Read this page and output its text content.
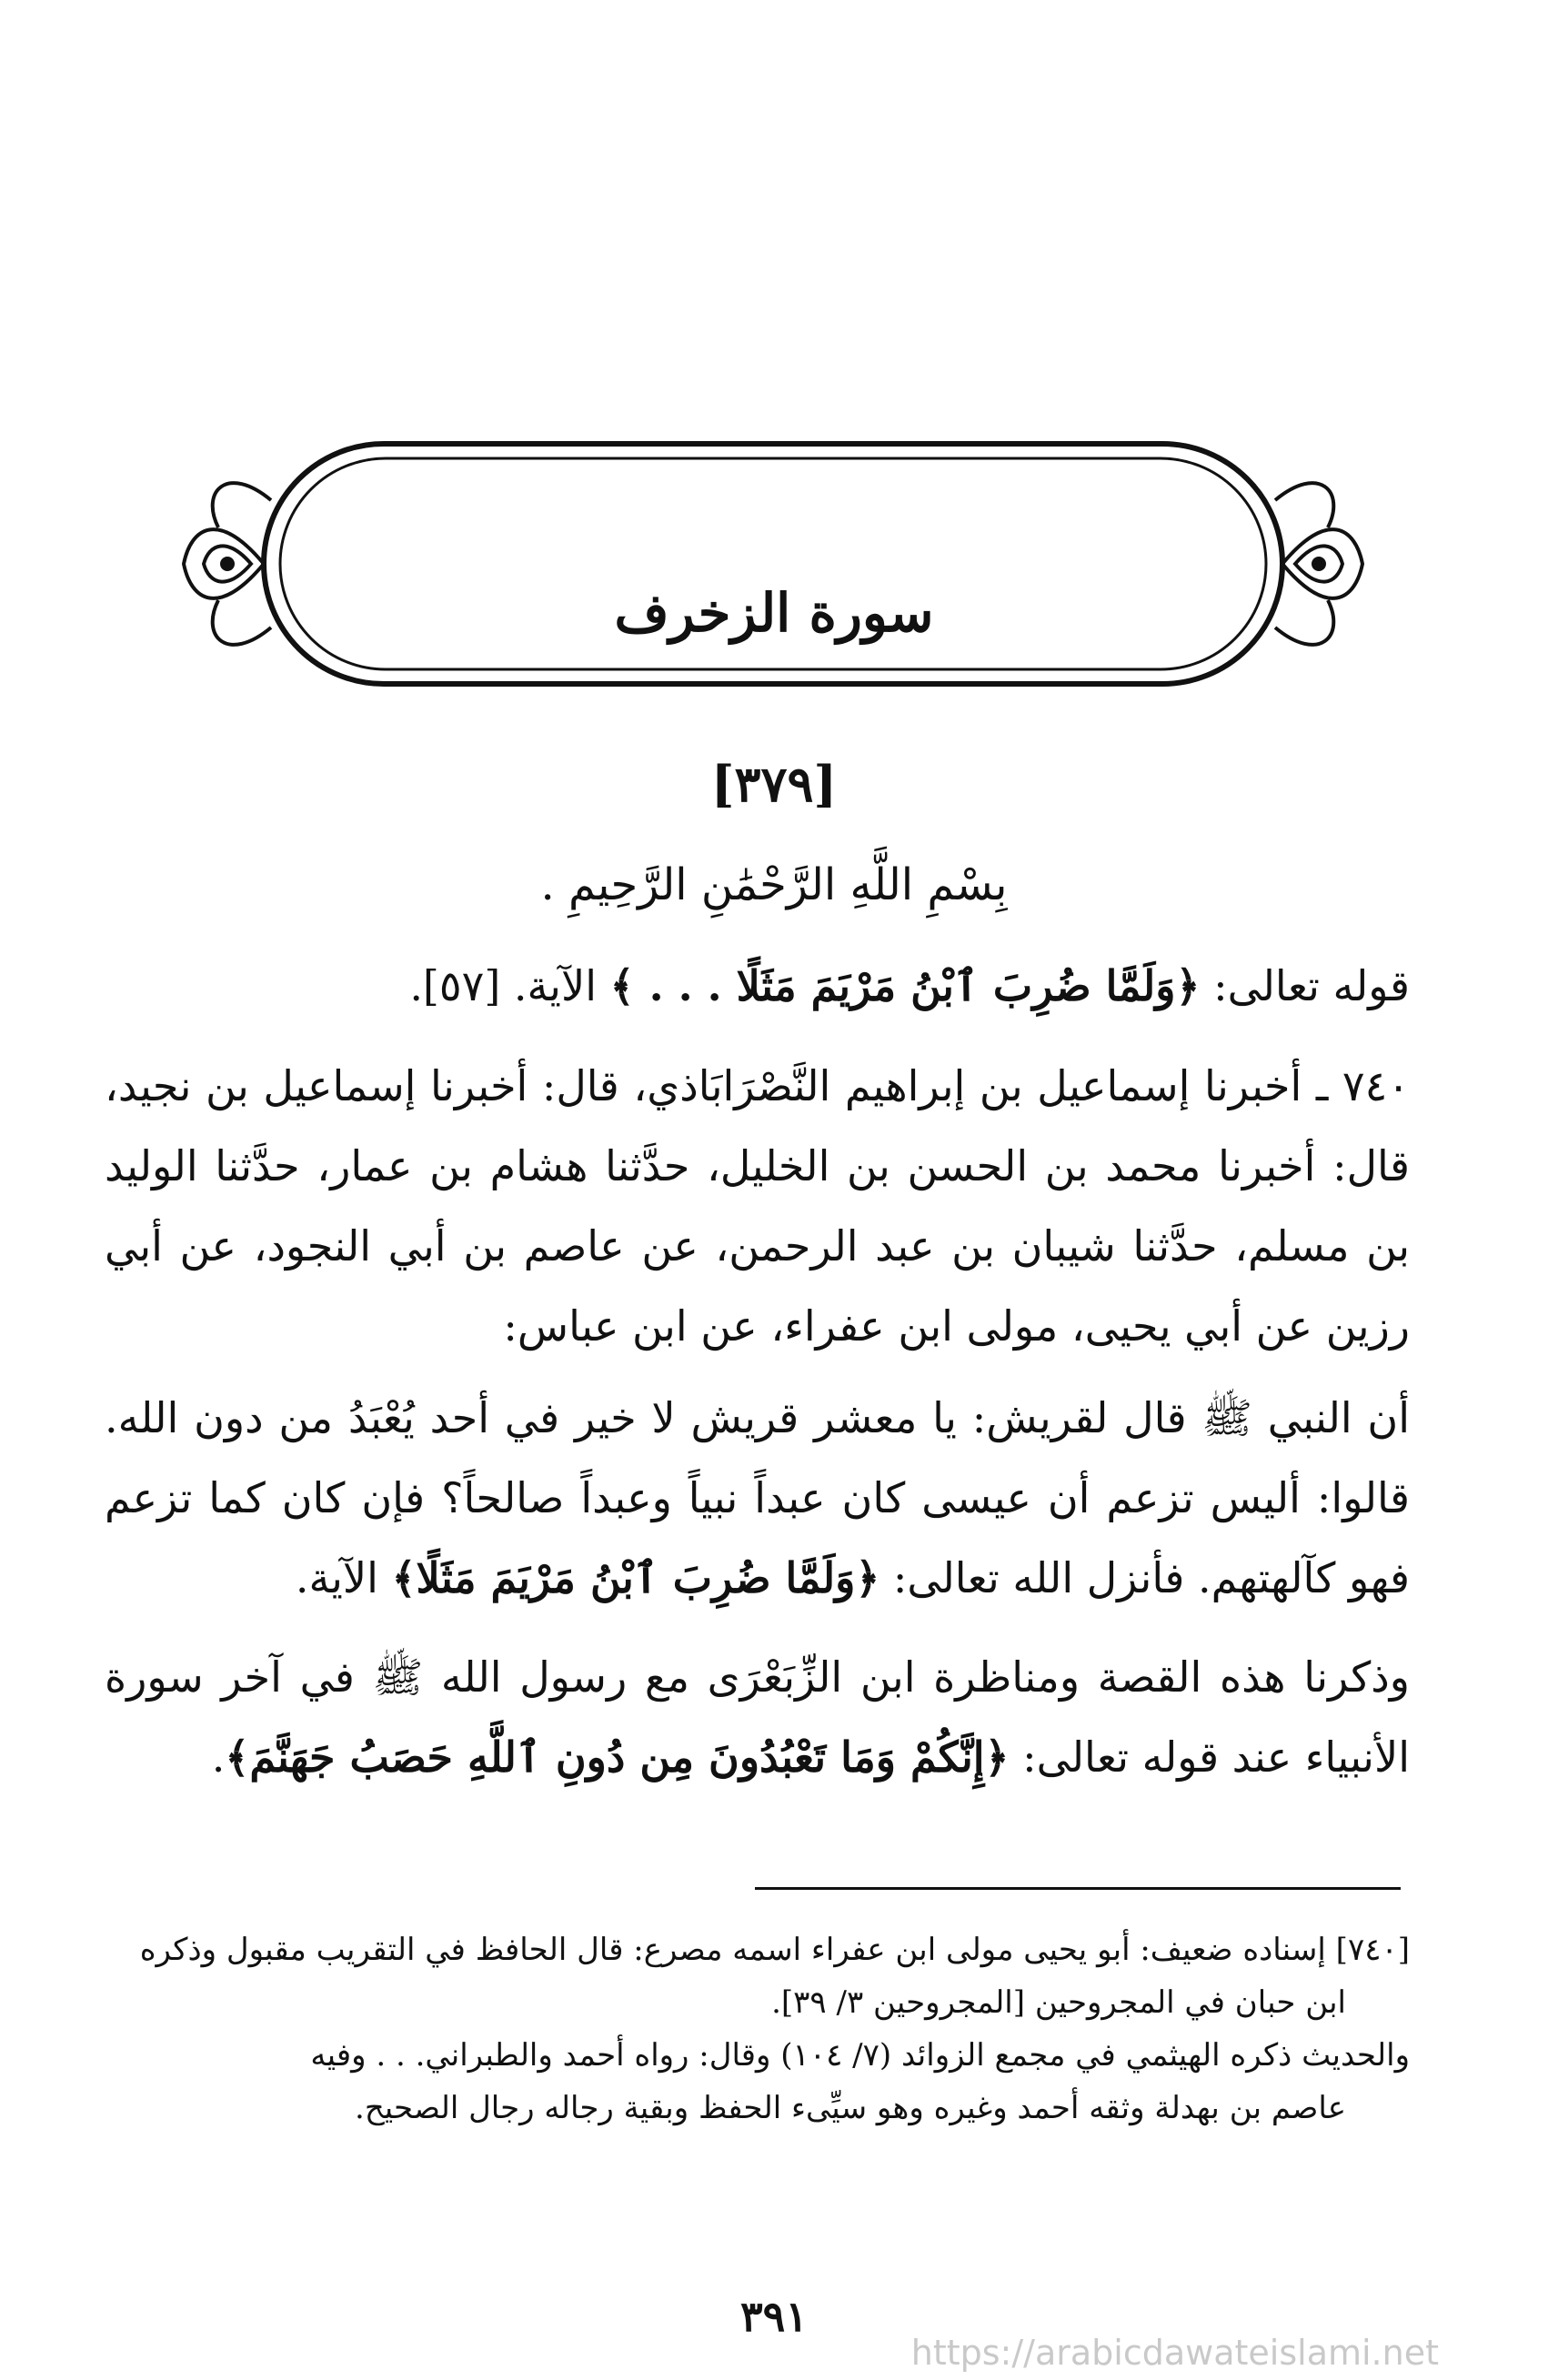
سورة الزخرف
[٣٧٩]
بِسْمِ اللَّهِ الرَّحْمَٰنِ الرَّحِيمِ .
قوله تعالى: ﴿وَلَمَّا ضُرِبَ ٱبْنُ مَرْيَمَ مَثَلًا . . . ﴾ الآية. [٥٧].
٧٤٠ ـ أخبرنا إسماعيل بن إبراهيم النَّصْرَابَاذي، قال: أخبرنا إسماعيل بن نجيد، قال: أخبرنا محمد بن الحسن بن الخليل، حدَّثنا هشام بن عمار، حدَّثنا الوليد بن مسلم، حدَّثنا شيبان بن عبد الرحمن، عن عاصم بن أبي النجود، عن أبي رزين عن أبي يحيى، مولى ابن عفراء، عن ابن عباس:
أن النبي ﷺ قال لقريش: يا معشر قريش لا خير في أحد يُعْبَدُ من دون الله. قالوا: أليس تزعم أن عيسى كان عبداً نبياً وعبداً صالحاً؟ فإن كان كما تزعم فهو كآلهتهم. فأنزل الله تعالى: ﴿وَلَمَّا ضُرِبَ ٱبْنُ مَرْيَمَ مَثَلًا﴾ الآية.
وذكرنا هذه القصة ومناظرة ابن الزِّبَعْرَى مع رسول الله ﷺ في آخر سورة الأنبياء عند قوله تعالى: ﴿إِنَّكُمْ وَمَا تَعْبُدُونَ مِن دُونِ ٱللَّهِ حَصَبُ جَهَنَّمَ﴾.
[٧٤٠] إسناده ضعيف: أبو يحيى مولى ابن عفراء اسمه مصرع: قال الحافظ في التقريب مقبول وذكره
ابن حبان في المجروحين [المجروحين ٣/ ٣٩].
والحديث ذكره الهيثمي في مجمع الزوائد (٧/ ١٠٤) وقال: رواه أحمد والطبراني. . . وفيه
عاصم بن بهدلة وثقه أحمد وغيره وهو سيِّىء الحفظ وبقية رجاله رجال الصحيح.
٣٩١
https://arabicdawateislami.net
